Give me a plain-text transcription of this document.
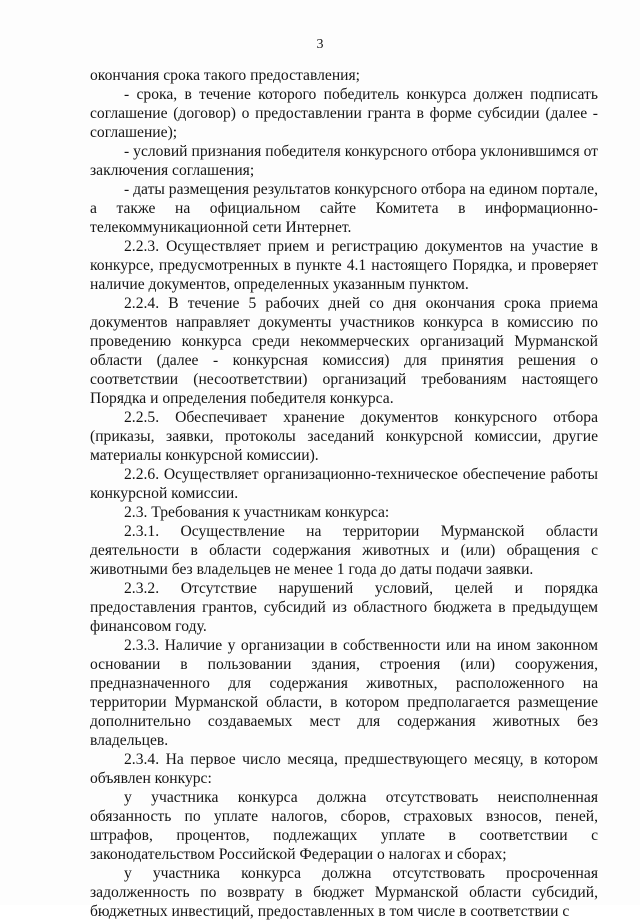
3

окончания срока такого предоставления;

- срока, в течение которого победитель конкурса должен подписать соглашение (договор) о предоставлении гранта в форме субсидии (далее - соглашение);

- условий признания победителя конкурсного отбора уклонившимся от заключения соглашения;

- даты размещения результатов конкурсного отбора на едином портале, а также на официальном сайте Комитета в информационно-телекоммуникационной сети Интернет.

2.2.3. Осуществляет прием и регистрацию документов на участие в конкурсе, предусмотренных в пункте 4.1 настоящего Порядка, и проверяет наличие документов, определенных указанным пунктом.

2.2.4. В течение 5 рабочих дней со дня окончания срока приема документов направляет документы участников конкурса в комиссию по проведению конкурса среди некоммерческих организаций Мурманской области (далее - конкурсная комиссия) для принятия решения о соответствии (несоответствии) организаций требованиям настоящего Порядка и определения победителя конкурса.

2.2.5. Обеспечивает хранение документов конкурсного отбора (приказы, заявки, протоколы заседаний конкурсной комиссии, другие материалы конкурсной комиссии).

2.2.6. Осуществляет организационно-техническое обеспечение работы конкурсной комиссии.

2.3. Требования к участникам конкурса:

2.3.1. Осуществление на территории Мурманской области деятельности в области содержания животных и (или) обращения с животными без владельцев не менее 1 года до даты подачи заявки.

2.3.2. Отсутствие нарушений условий, целей и порядка предоставления грантов, субсидий из областного бюджета в предыдущем финансовом году.

2.3.3. Наличие у организации в собственности или на ином законном основании в пользовании здания, строения (или) сооружения, предназначенного для содержания животных, расположенного на территории Мурманской области, в котором предполагается размещение дополнительно создаваемых мест для содержания животных без владельцев.

2.3.4. На первое число месяца, предшествующего месяцу, в котором объявлен конкурс:

у участника конкурса должна отсутствовать неисполненная обязанность по уплате налогов, сборов, страховых взносов, пеней, штрафов, процентов, подлежащих уплате в соответствии с законодательством Российской Федерации о налогах и сборах;

у участника конкурса должна отсутствовать просроченная задолженность по возврату в бюджет Мурманской области субсидий, бюджетных инвестиций, предоставленных в том числе в соответствии с
